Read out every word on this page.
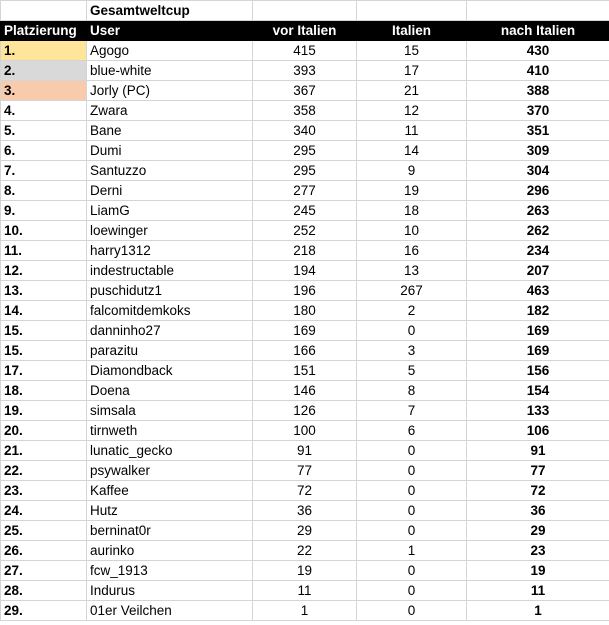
	Gesamtweltcup			
Platzierung	User	vor Italien	Italien	nach Italien
1.	Agogo	415	15	430
2.	blue-white	393	17	410
3.	Jorly (PC)	367	21	388
4.	Zwara	358	12	370
5.	Bane	340	11	351
6.	Dumi	295	14	309
7.	Santuzzo	295	9	304
8.	Derni	277	19	296
9.	LiamG	245	18	263
10.	loewinger	252	10	262
11.	harry1312	218	16	234
12.	indestructable	194	13	207
13.	puschidutz1	196	267	463
14.	falcomitdemkoks	180	2	182
15.	danninho27	169	0	169
15.	parazitu	166	3	169
17.	Diamondback	151	5	156
18.	Doena	146	8	154
19.	simsala	126	7	133
20.	tirnweth	100	6	106
21.	lunatic_gecko	91	0	91
22.	psywalker	77	0	77
23.	Kaffee	72	0	72
24.	Hutz	36	0	36
25.	berninat0r	29	0	29
26.	aurinko	22	1	23
27.	fcw_1913	19	0	19
28.	Indurus	11	0	11
29.	01er Veilchen	1	0	1
